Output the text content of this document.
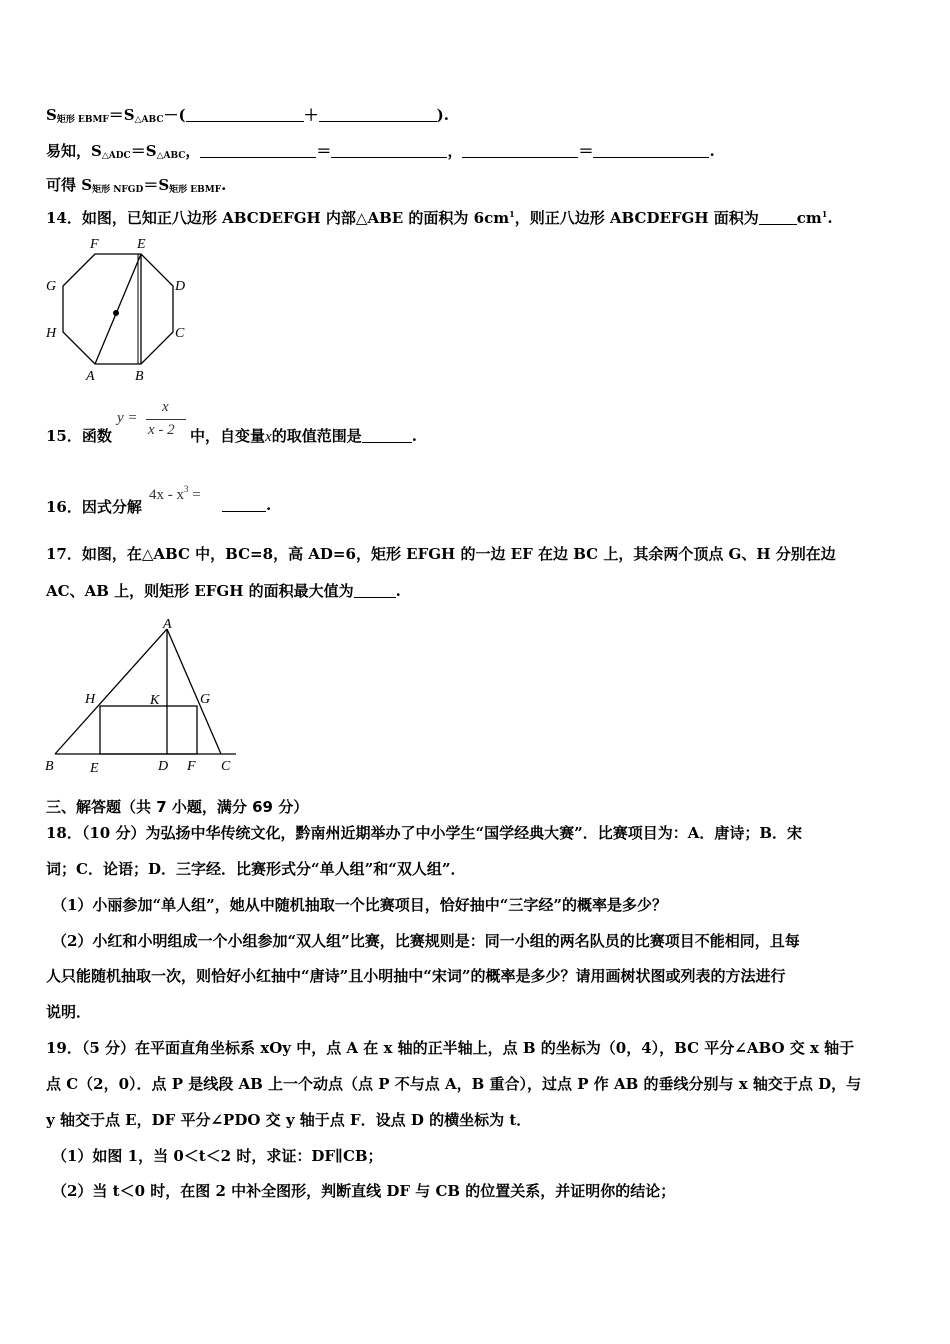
$S_{矩形 EBMF}=S_{\triangle ABC}-$(	＋	).
易知，$S_{\triangle ADC}=S_{\triangle ABC}$，	＝	，	＝	.
可得 $S_{矩形 NFGD}=S_{矩形 EBMF}$.
14．如图，已知正八边形 ABCDEFGH 内部△ABE 的面积为 $6cm^1$，则正八边形 ABCDEFGH 面积为	$cm^1$.
F	E
G	D
H	C
A	B
15．函数
y =
x
x - 2 中，自变量x的取值范围是	.
16．因式分解
$4x - x^3$ =
.
17．如图，在△ABC 中，BC=8，高 AD=6，矩形 EFGH 的一边 EF 在边 BC 上，其余两个顶点 G、H 分别在边
AC、AB 上，则矩形 EFGH 的面积最大值为	.
A
H	K	G
B	E	D F C
三、解答题（共 7 小题，满分 69 分）
18．（10 分）为弘扬中华传统文化，黔南州近期举办了中小学生“国学经典大赛”．比赛项目为：A．唐诗；B．宋
词；C．论语；D．三字经．比赛形式分“单人组”和“双人组”．
（1）小丽参加“单人组”，她从中随机抽取一个比赛项目，恰好抽中“三字经”的概率是多少？
（2）小红和小明组成一个小组参加“双人组”比赛，比赛规则是：同一小组的两名队员的比赛项目不能相同，且每
人只能随机抽取一次，则恰好小红抽中“唐诗”且小明抽中“宋词”的概率是多少？请用画树状图或列表的方法进行
说明．
19．（5 分）在平面直角坐标系 xOy 中，点 A 在 x 轴的正半轴上，点 B 的坐标为（0，4），BC 平分∠ABO 交 x 轴于
点 C（2，0）．点 P 是线段 AB 上一个动点（点 P 不与点 A，B 重合），过点 P 作 AB 的垂线分别与 x 轴交于点 D，与
y 轴交于点 E，DF 平分∠PDO 交 y 轴于点 F．设点 D 的横坐标为 t．
（1）如图 1，当 0＜t＜2 时，求证：DF∥CB；
（2）当 t＜0 时，在图 2 中补全图形，判断直线 DF 与 CB 的位置关系，并证明你的结论；
